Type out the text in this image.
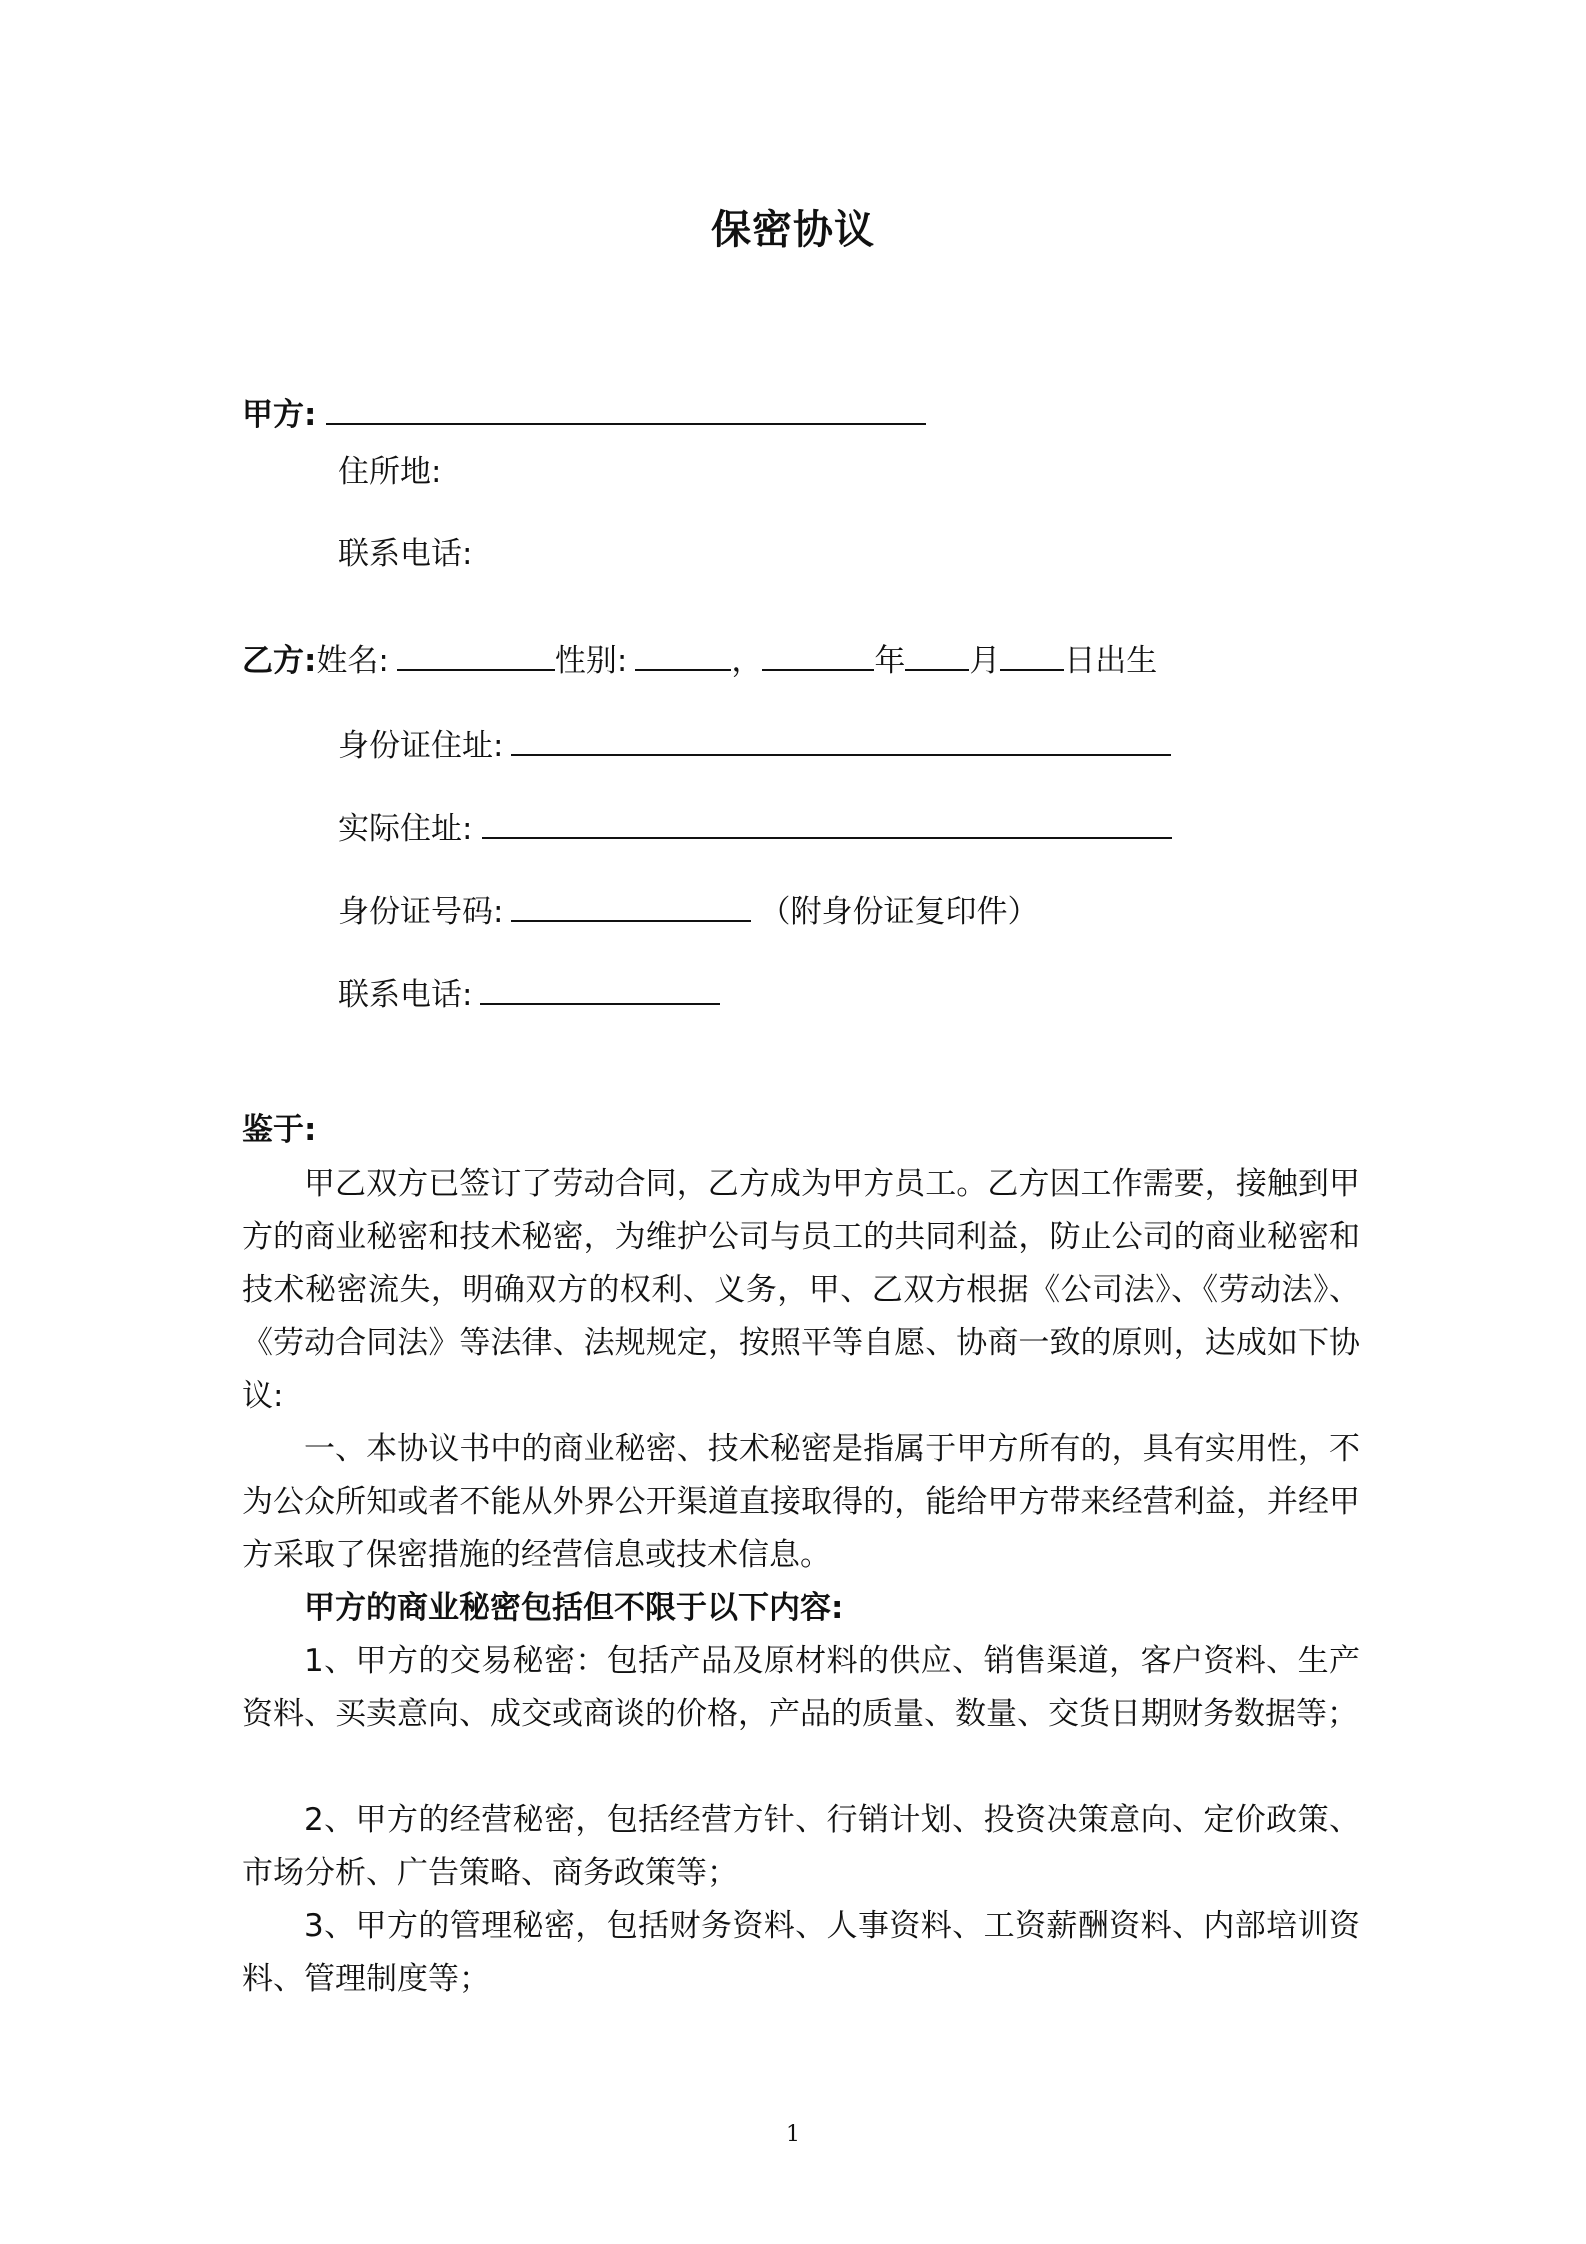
保密协议
甲方:
住所地:
联系电话:
乙方:姓名:	性别:	，	年 月 日出生
身份证住址:
实际住址:
身份证号码:	（附身份证复印件）
联系电话:
鉴于:
甲乙双方已签订了劳动合同，乙方成为甲方员工。乙方因工作需要，接触到甲方的商业秘密和技术秘密，为维护公司与员工的共同利益，防止公司的商业秘密和技术秘密流失，明确双方的权利、义务，甲、乙双方根据《公司法》、《劳动法》、《劳动合同法》等法律、法规规定，按照平等自愿、协商一致的原则，达成如下协议:
一、本协议书中的商业秘密、技术秘密是指属于甲方所有的，具有实用性，不为公众所知或者不能从外界公开渠道直接取得的，能给甲方带来经营利益，并经甲方采取了保密措施的经营信息或技术信息。
甲方的商业秘密包括但不限于以下内容:
1、甲方的交易秘密：包括产品及原材料的供应、销售渠道，客户资料、生产资料、买卖意向、成交或商谈的价格，产品的质量、数量、交货日期财务数据等；
2、甲方的经营秘密，包括经营方针、行销计划、投资决策意向、定价政策、市场分析、广告策略、商务政策等；
3、甲方的管理秘密，包括财务资料、人事资料、工资薪酬资料、内部培训资料、管理制度等；
1
